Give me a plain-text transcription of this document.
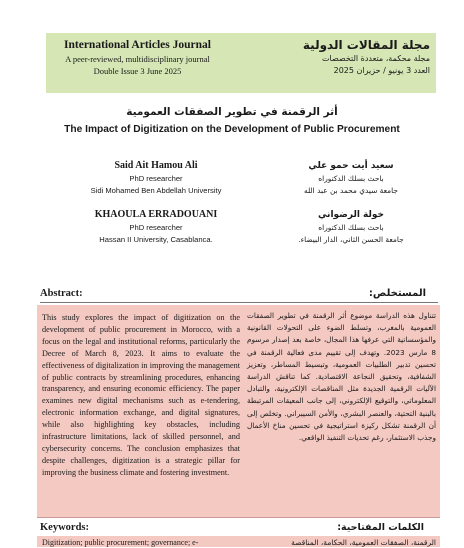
International Articles Journal
A peer-reviewed, multidisciplinary journal
Double Issue 3 June 2025
مجلة المقالات الدولية
مجلة محكمة، متعددة التخصصات
العدد 3 يونيو / حزيران 2025
أثر الرقمنة في تطوير الصفقات العمومية
The Impact of Digitization on the Development of Public Procurement
Said Ait Hamou Ali
PhD researcher
Sidi Mohamed Ben Abdellah University
KHAOULA ERRADOUANI
PhD researcher
Hassan II University, Casablanca.
سعيد أيت حمو علي
باحث بسلك الدكتوراه
جامعة سيدي محمد بن عبد الله
خولة الرضواني
باحث بسلك الدكتوراه
جامعة الحسن الثاني، الدار البيضاء.
Abstract:	المستخلص:
This study explores the impact of digitization on the development of public procurement in Morocco, with a focus on the legal and institutional reforms, particularly the Decree of March 8, 2023. It aims to evaluate the effectiveness of digitalization in improving the management of public contracts by streamlining procedures, enhancing transparency, and ensuring economic efficiency. The paper examines new digital mechanisms such as e-tendering, electronic information exchange, and digital signatures, while also highlighting key obstacles, including infrastructure limitations, lack of skilled personnel, and cybersecurity concerns. The conclusion emphasizes that despite challenges, digitization is a strategic pillar for improving the business climate and fostering investment.
تتناول هذه الدراسة موضوع أثر الرقمنة في تطوير الصفقات العمومية بالمغرب، وتسلط الضوء على التحولات القانونية والمؤسساتية التي عرفها هذا المجال، خاصة بعد إصدار مرسوم 8 مارس 2023. وتهدف إلى تقييم مدى فعالية الرقمنة في تحسين تدبير الطلبيات العمومية، وتبسيط المساطر، وتعزيز الشفافية، وتحقيق النجاعة الاقتصادية. كما تناقش الدراسة الآليات الرقمية الجديدة مثل المناقصات الإلكترونية، والتبادل المعلوماتي، والتوقيع الإلكتروني، إلى جانب المعيقات المرتبطة بالبنية التحتية، والعنصر البشري، والأمن السيبراني. وتخلص إلى أن الرقمنة تشكل ركيزة استراتيجية في تحسين مناخ الأعمال وجذب الاستثمار، رغم تحديات التنفيذ الواقعي.
Keywords:	الكلمات المفتاحية:
Digitization; public procurement; governance; e-	الرقمنة، الصفقات العمومية، الحكامة، المناقصة
